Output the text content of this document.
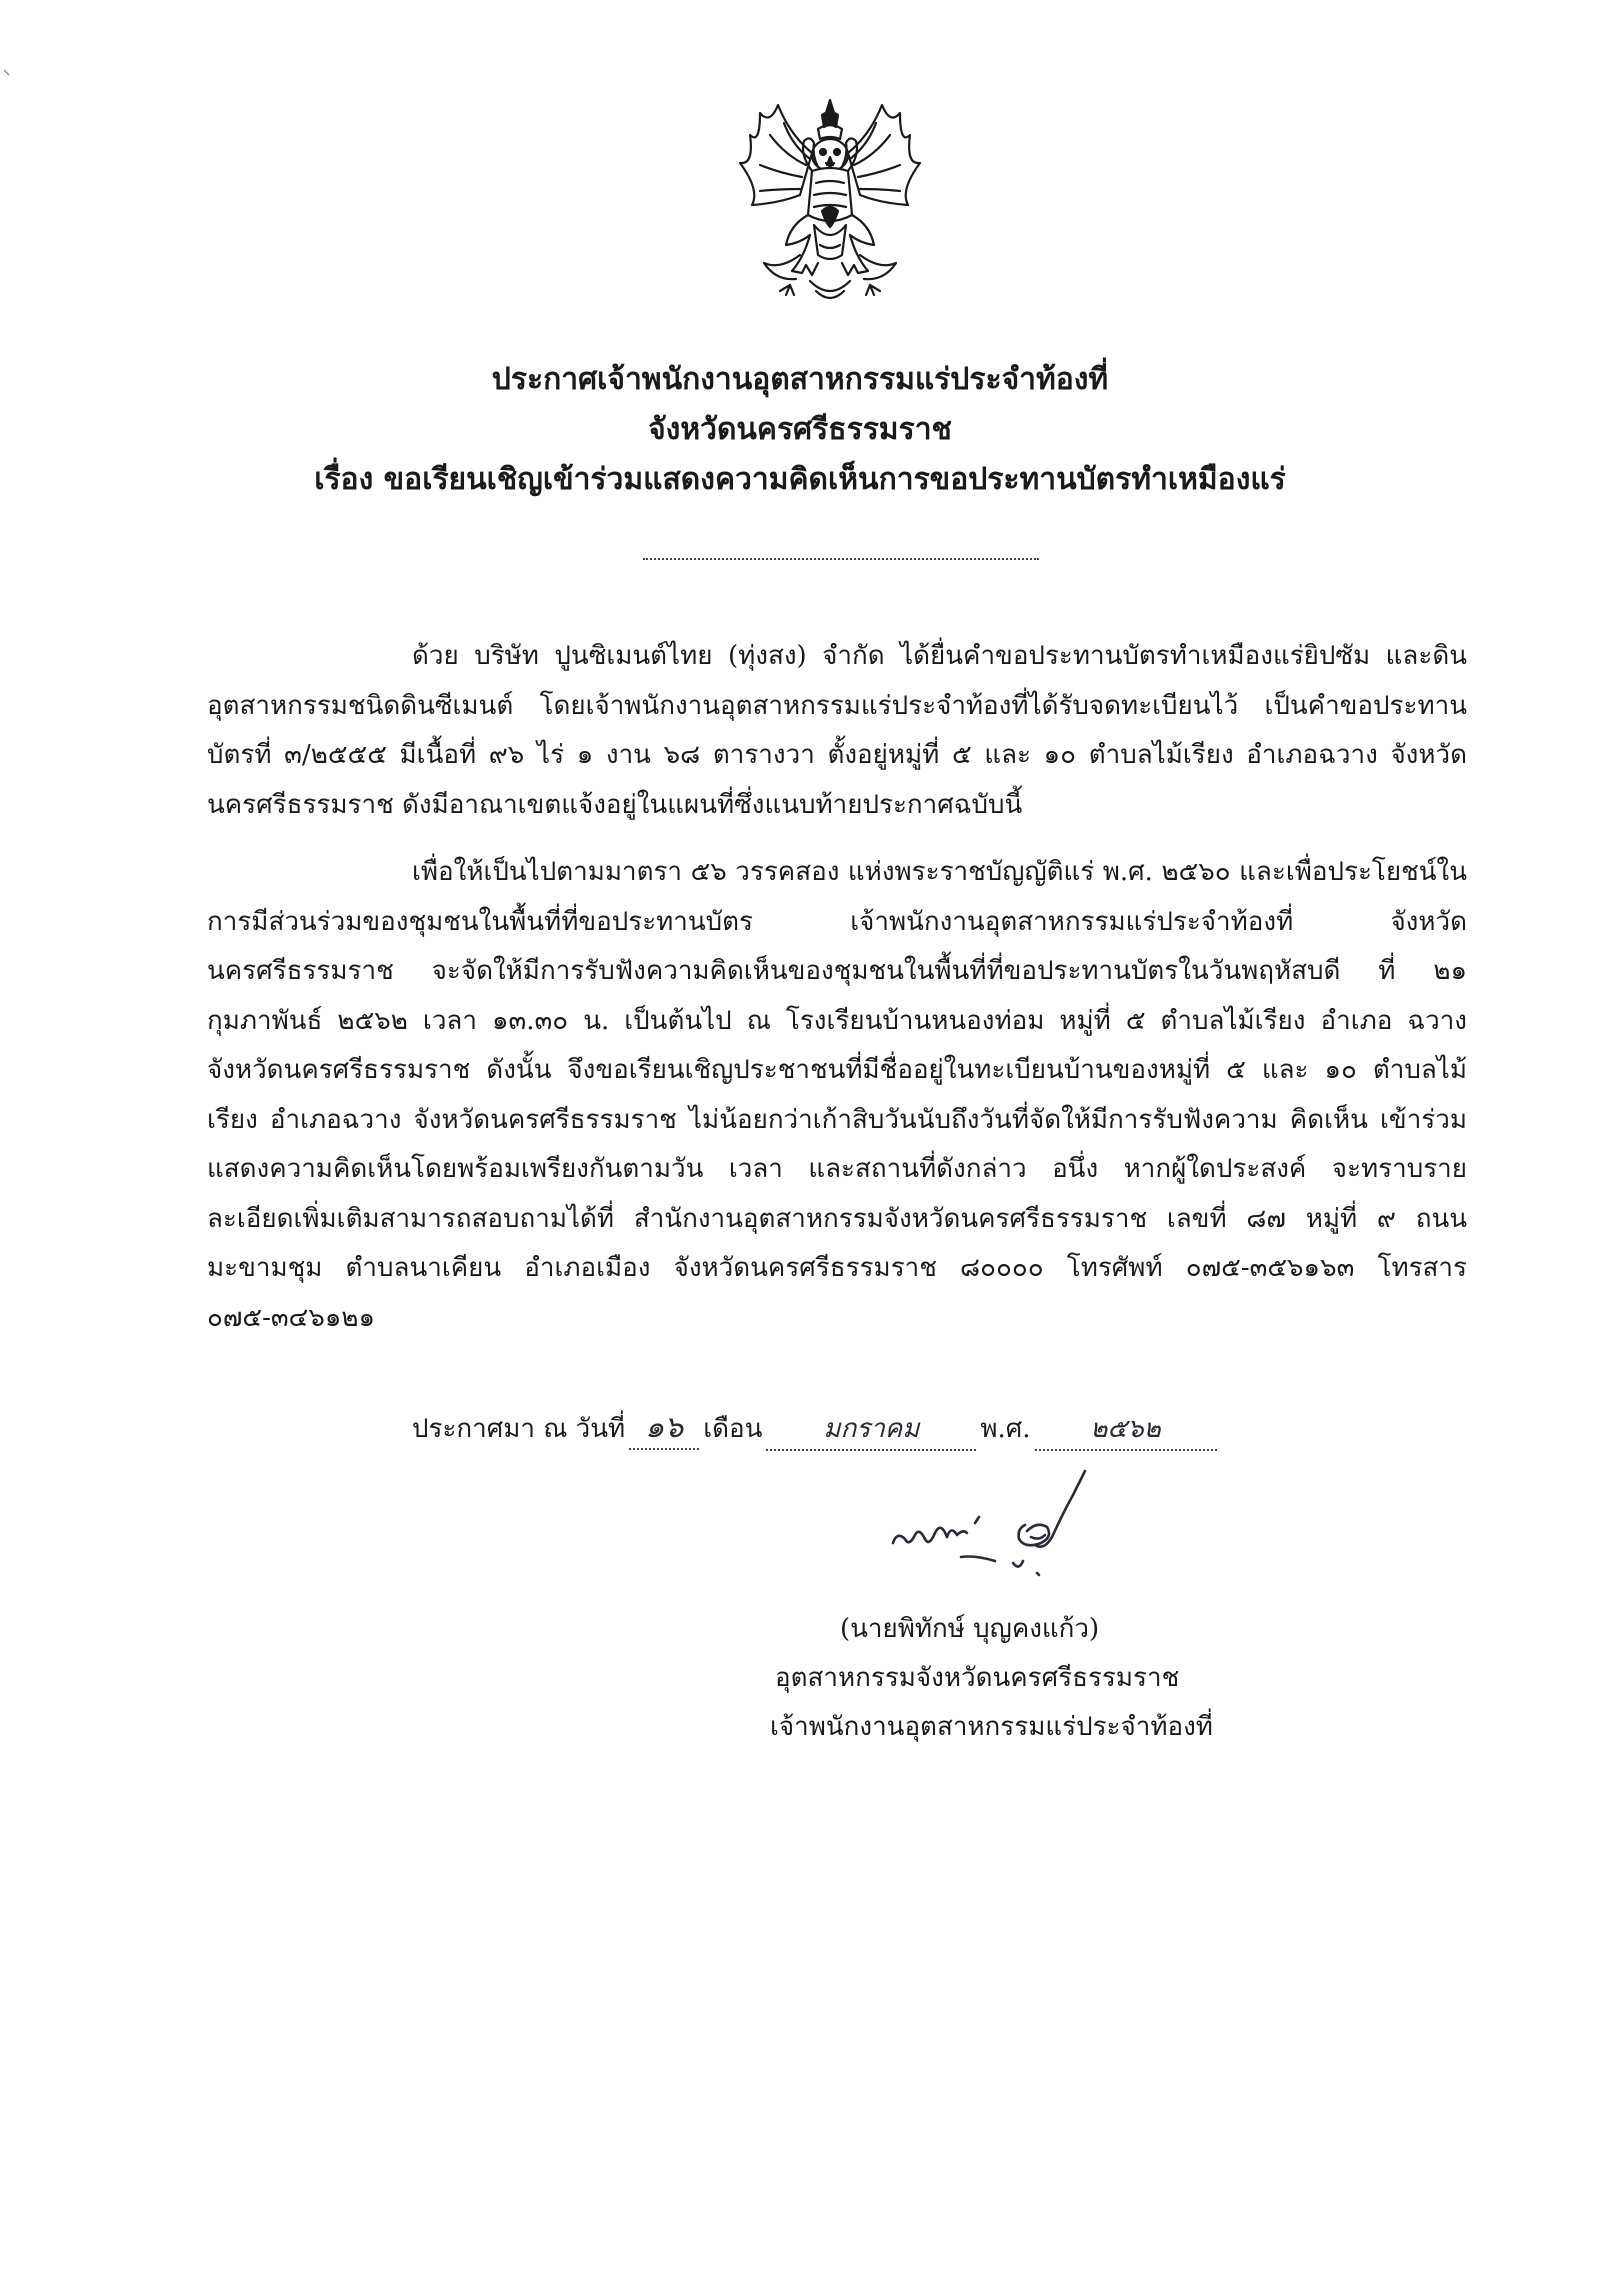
ประกาศเจ้าพนักงานอุตสาหกรรมแร่ประจำท้องที่
จังหวัดนครศรีธรรมราช
เรื่อง ขอเรียนเชิญเข้าร่วมแสดงความคิดเห็นการขอประทานบัตรทำเหมืองแร่
ด้วย บริษัท ปูนซิเมนต์ไทย (ทุ่งสง) จำกัด ได้ยื่นคำขอประทานบัตรทำเหมืองแร่ยิปซัม และดินอุตสาหกรรมชนิดดินซีเมนต์ โดยเจ้าพนักงานอุตสาหกรรมแร่ประจำท้องที่ได้รับจดทะเบียนไว้ เป็นคำขอประทานบัตรที่ ๓/๒๕๕๕ มีเนื้อที่ ๙๖ ไร่ ๑ งาน ๖๘ ตารางวา ตั้งอยู่หมู่ที่ ๕ และ ๑๐ ตำบลไม้เรียง อำเภอฉวาง จังหวัดนครศรีธรรมราช ดังมีอาณาเขตแจ้งอยู่ในแผนที่ซึ่งแนบท้ายประกาศฉบับนี้
เพื่อให้เป็นไปตามมาตรา ๕๖ วรรคสอง แห่งพระราชบัญญัติแร่ พ.ศ. ๒๕๖๐ และเพื่อประโยชน์ในการมีส่วนร่วมของชุมชนในพื้นที่ที่ขอประทานบัตร เจ้าพนักงานอุตสาหกรรมแร่ประจำท้องที่ จังหวัดนครศรีธรรมราช จะจัดให้มีการรับฟังความคิดเห็นของชุมชนในพื้นที่ที่ขอประทานบัตรในวันพฤหัสบดี ที่ ๒๑ กุมภาพันธ์ ๒๕๖๒ เวลา ๑๓.๓๐ น. เป็นต้นไป ณ โรงเรียนบ้านหนองท่อม หมู่ที่ ๕ ตำบลไม้เรียง อำเภอ ฉวาง จังหวัดนครศรีธรรมราช ดังนั้น จึงขอเรียนเชิญประชาชนที่มีชื่ออยู่ในทะเบียนบ้านของหมู่ที่ ๕ และ ๑๐ ตำบลไม้เรียง อำเภอฉวาง จังหวัดนครศรีธรรมราช ไม่น้อยกว่าเก้าสิบวันนับถึงวันที่จัดให้มีการรับฟังความ คิดเห็น เข้าร่วมแสดงความคิดเห็นโดยพร้อมเพรียงกันตามวัน เวลา และสถานที่ดังกล่าว อนึ่ง หากผู้ใดประสงค์ จะทราบรายละเอียดเพิ่มเติมสามารถสอบถามได้ที่ สำนักงานอุตสาหกรรมจังหวัดนครศรีธรรมราช เลขที่ ๘๗ หมู่ที่ ๙ ถนนมะขามชุม ตำบลนาเคียน อำเภอเมือง จังหวัดนครศรีธรรมราช ๘๐๐๐๐ โทรศัพท์ ๐๗๕-๓๕๖๑๖๓ โทรสาร ๐๗๕-๓๔๖๑๒๑
ประกาศมา ณ วันที่ ๑๖ เดือน มกราคม พ.ศ. ๒๕๖๒
(นายพิทักษ์ บุญคงแก้ว)
อุตสาหกรรมจังหวัดนครศรีธรรมราช
เจ้าพนักงานอุตสาหกรรมแร่ประจำท้องที่
